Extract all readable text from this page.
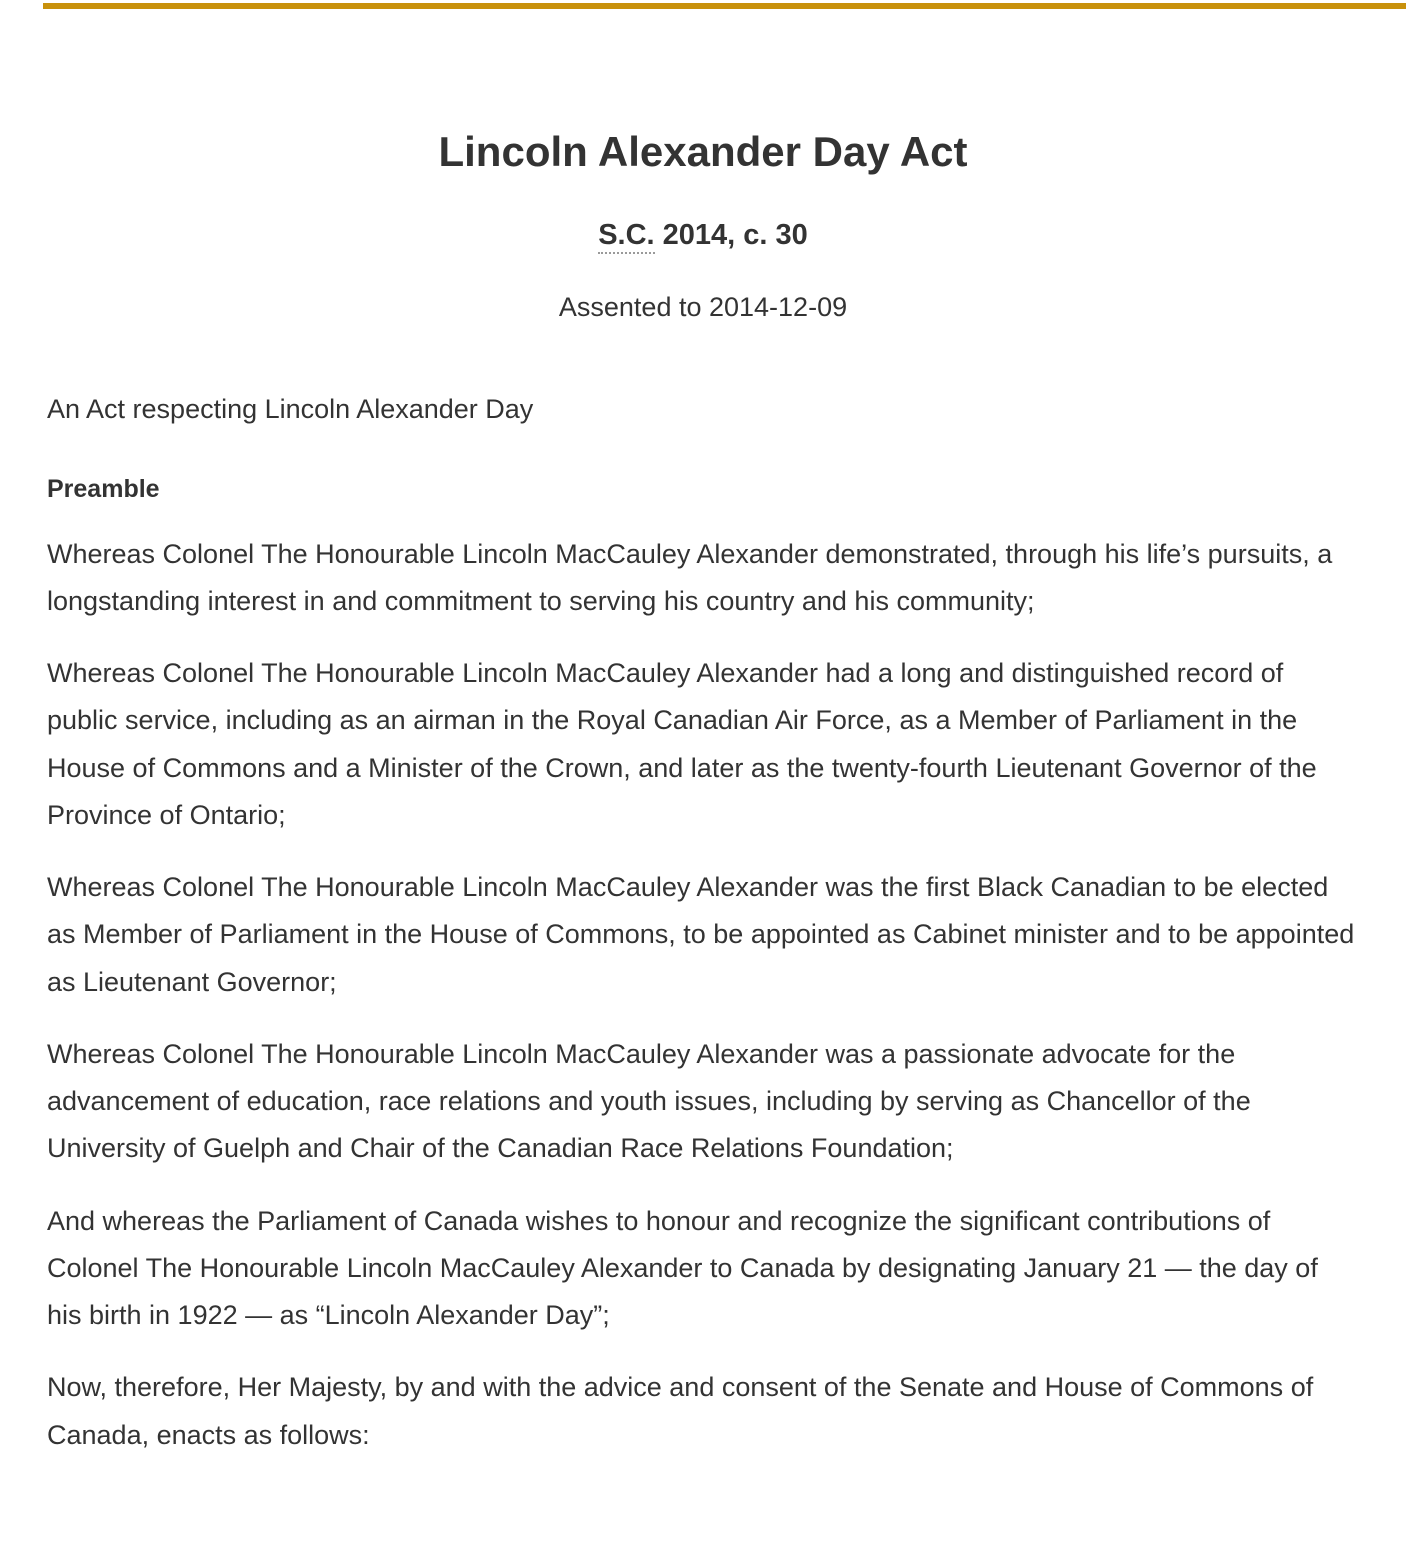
Lincoln Alexander Day Act
S.C. 2014, c. 30

Assented to 2014-12-09

An Act respecting Lincoln Alexander Day

Preamble

Whereas Colonel The Honourable Lincoln MacCauley Alexander demonstrated, through his life’s pursuits, a longstanding interest in and commitment to serving his country and his community;

Whereas Colonel The Honourable Lincoln MacCauley Alexander had a long and distinguished record of public service, including as an airman in the Royal Canadian Air Force, as a Member of Parliament in the House of Commons and a Minister of the Crown, and later as the twenty-fourth Lieutenant Governor of the Province of Ontario;

Whereas Colonel The Honourable Lincoln MacCauley Alexander was the first Black Canadian to be elected as Member of Parliament in the House of Commons, to be appointed as Cabinet minister and to be appointed as Lieutenant Governor;

Whereas Colonel The Honourable Lincoln MacCauley Alexander was a passionate advocate for the advancement of education, race relations and youth issues, including by serving as Chancellor of the University of Guelph and Chair of the Canadian Race Relations Foundation;

And whereas the Parliament of Canada wishes to honour and recognize the significant contributions of Colonel The Honourable Lincoln MacCauley Alexander to Canada by designating January 21 — the day of his birth in 1922 — as “Lincoln Alexander Day”;

Now, therefore, Her Majesty, by and with the advice and consent of the Senate and House of Commons of Canada, enacts as follows:
